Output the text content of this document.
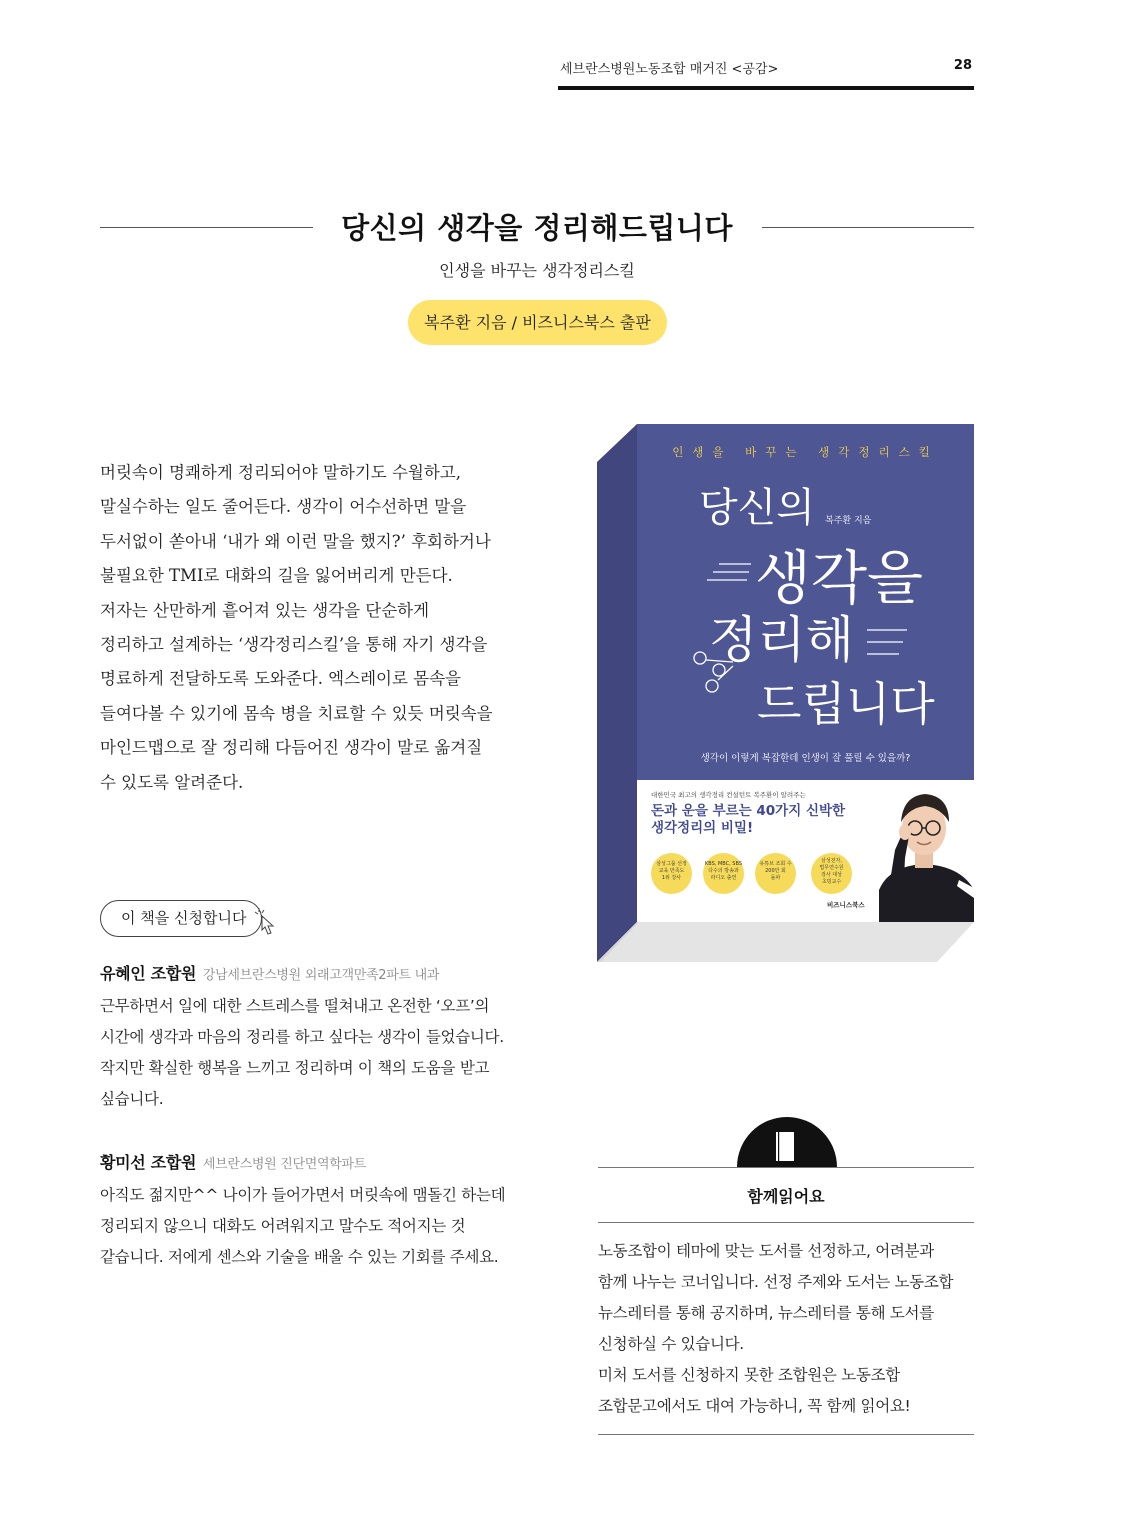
세브란스병원노동조합 매거진 <공감>	28
당신의 생각을 정리해드립니다
인생을 바꾸는 생각정리스킬
복주환 지음 / 비즈니스북스 출판

머릿속이 명쾌하게 정리되어야 말하기도 수월하고,

말실수하는 일도 줄어든다. 생각이 어수선하면 말을

두서없이 쏟아내 ‘내가 왜 이런 말을 했지?’ 후회하거나

불필요한 TMI로 대화의 길을 잃어버리게 만든다.

저자는 산만하게 흩어져 있는 생각을 단순하게

정리하고 설계하는 ‘생각정리스킬’을 통해 자기 생각을

명료하게 전달하도록 도와준다. 엑스레이로 몸속을

들여다볼 수 있기에 몸속 병을 치료할 수 있듯 머릿속을

마인드맵으로 잘 정리해 다듬어진 생각이 말로 옮겨질

수 있도록 알려준다.

이 책을 신청합니다

유혜인 조합원 강남세브란스병원 외래고객만족2파트 내과

근무하면서 일에 대한 스트레스를 떨쳐내고 온전한 ‘오프’의

시간에 생각과 마음의 정리를 하고 싶다는 생각이 들었습니다.

작지만 확실한 행복을 느끼고 정리하며 이 책의 도움을 받고

싶습니다.

황미선 조합원 세브란스병원 진단면역학파트

아직도 젊지만^^ 나이가 들어가면서 머릿속에 맴돌긴 하는데

정리되지 않으니 대화도 어려워지고 말수도 적어지는 것

같습니다. 저에게 센스와 기술을 배울 수 있는 기회를 주세요.

인생을 바꾸는 생각정리스킬
당신의 복주환 지음
생각을
정리해
드립니다
생각이 이렇게 복잡한데 인생이 잘 풀릴 수 있을까?
대한민국 최고의 생각정리 컨설턴트 복주환이 알려주는
돈과 운을 부르는 40가지 신박한
생각정리의 비밀!
삼성그룹 선정
교육 만족도
1위 강사
KBS, MBC, SBS
다수의 방송과
라디오 출연
유튜브 조회 수
200만 회
돌파
삼성전자,
법무연수원
검사 대상
초빙교수
비즈니스북스
함께읽어요

노동조합이 테마에 맞는 도서를 선정하고, 어려분과

함께 나누는 코너입니다. 선정 주제와 도서는 노동조합

뉴스레터를 통해 공지하며, 뉴스레터를 통해 도서를

신청하실 수 있습니다.

미처 도서를 신청하지 못한 조합원은 노동조합

조합문고에서도 대여 가능하니, 꼭 함께 읽어요!
